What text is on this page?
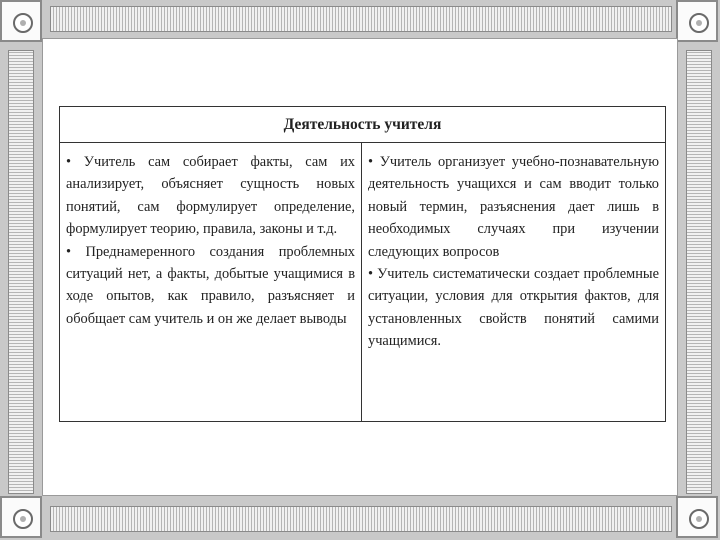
Деятельность учителя

• Учитель сам собирает факты, сам их анализирует, объясняет сущность новых понятий, сам формулирует определение, формулирует теорию, правила, законы и т.д.

• Преднамеренного создания проблемных ситуаций нет, а факты, добытые учащимися в ходе опытов, как правило, разъясняет и обобщает сам учитель и он же делает выводы

• Учитель организует учебно-познавательную деятельность учащихся и сам вводит только новый термин, разъяснения дает лишь в необходимых случаях при изучении следующих вопросов

• Учитель систематически создает проблемные ситуации, условия для открытия фактов, для установленных свойств понятий самими учащимися.
